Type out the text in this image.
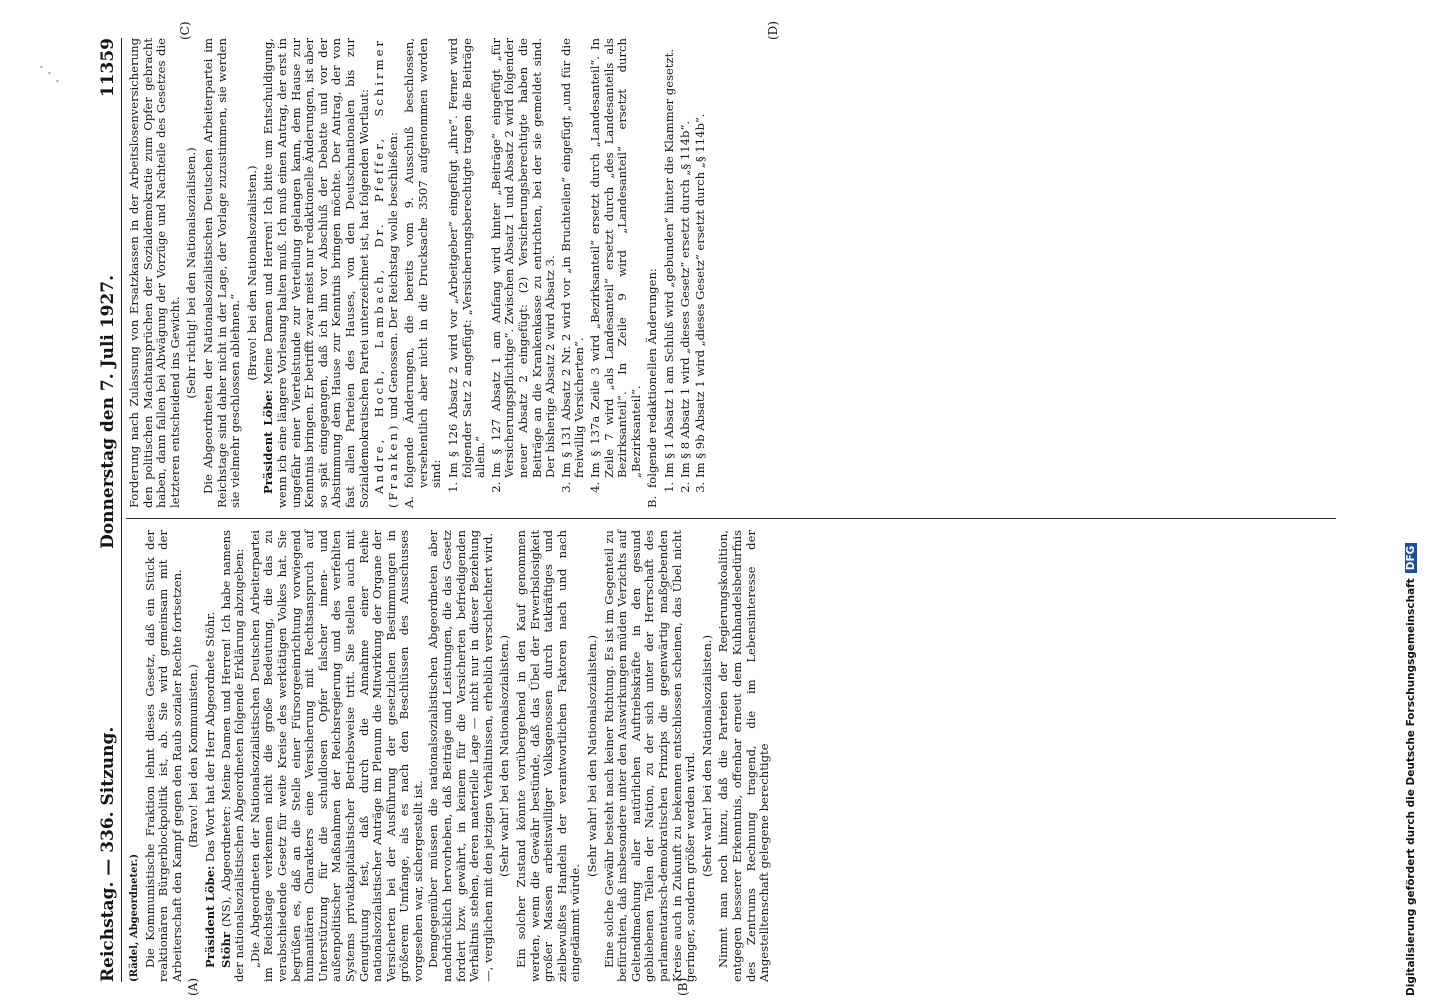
Reichstag. — 336. Sitzung.
Donnerstag den 7. Juli 1927.
11359

(Rädel, Abgeordneter.) Die Kommunistische Fraktion lehnt dieses Gesetz, daß ein Stück der reaktionären Bürgerblockpolitik ist, ab. Sie wird gemeinsam mit der Arbeiterschaft den Kampf gegen den Raub sozialer Rechte fortsetzen. (Bravo! bei den Kommunisten.)

Präsident Löbe: Das Wort hat der Herr Abgeordnete Stöhr.

Stöhr (NS), Abgeordneter: Meine Damen und Herren! Ich habe namens der nationalsozialistischen Abgeordneten folgende Erklärung abzugeben: „Die Abgeordneten der Nationalsozialistischen Deutschen Arbeiterpartei im Reichstage verkennen nicht die große Bedeutung, die das zu verabschiedende Gesetz für weite Kreise des werktätigen Volkes hat. Sie begrüßen es, daß an die Stelle einer Fürsorgeeinrichtung vorwiegend humanitären Charakters eine Versicherung mit Rechtsanspruch auf Unterstützung für die schuldlosen Opfer falscher innen- und außenpolitischer Maßnahmen der Reichsregierung und des verfehlten Systems privatkapitalistischer Betriebsweise tritt. Sie stellen auch mit Genugtuung fest, daß durch die Annahme einer Reihe nationalsozialistischer Anträge im Plenum die Mitwirkung der Organe der Versicherten bei der Ausführung der gesetzlichen Bestimmungen in größerem Umfange, als es nach den Beschlüssen des Ausschusses vorgesehen war, sichergestellt ist. Demgegenüber müssen die nationalsozialistischen Abgeordneten aber nachdrücklich hervorheben, daß Beiträge und Leistungen, die das Gesetz fordert bzw. gewährt, in keinem für die Versicherten befriedigenden Verhältnis stehen, deren materielle Lage — nicht nur in dieser Beziehung —, verglichen mit den jetzigen Verhältnissen, erheblich verschlechtert wird. (Sehr wahr! bei den Nationalsozialisten.) Ein solcher Zustand könnte vorübergehend in den Kauf genommen werden, wenn die Gewähr bestünde, daß das Übel der Erwerbslosigkeit großer Massen arbeitswilliger Volksgenossen durch tatkräftiges und zielbewußtes Handeln der verantwortlichen Faktoren nach und nach eingedämmt würde.

(Sehr wahr! bei den Nationalsozialisten.) Eine solche Gewähr besteht nach keiner Richtung. Es ist im Gegenteil zu befürchten, daß insbesondere unter den Auswirkungen müden Verzichts auf Geltendmachung aller natürlichen Auftriebskräfte in den gesund gebliebenen Teilen der Nation, zu der sich unter der Herrschaft des parlamentarisch-demokratischen Prinzips die gegenwärtig maßgebenden Kreise auch in Zukunft zu bekennen entschlossen scheinen, das Übel nicht geringer, sondern größer werden wird. (Sehr wahr! bei den Nationalsozialisten.) Nimmt man noch hinzu, daß die Parteien der Regierungskoalition, entgegen besserer Erkenntnis, offenbar erneut dem Kuhhandelsbedürfnis des Zentrums Rechnung tragend, die im Lebensinteresse der Angestelltenschaft gelegene berechtigte

Forderung nach Zulassung von Ersatzkassen in der Arbeitslosenversicherung den politischen Machtansprüchen der Sozialdemokratie zum Opfer gebracht haben, dann fallen bei Abwägung der Vorzüge und Nachteile des Gesetzes die letzteren entscheidend ins Gewicht.

(Sehr richtig! bei den Nationalsozialisten.) Die Abgeordneten der Nationalsozialistischen Deutschen Arbeiterpartei im Reichstage sind daher nicht in der Lage, der Vorlage zuzustimmen, sie werden sie vielmehr geschlossen ablehnen.“

(Bravo! bei den Nationalsozialisten.)

Präsident Löbe: Meine Damen und Herren! Ich bitte um Entschuldigung, wenn ich eine längere Vorlesung halten muß. Ich muß einen Antrag, der erst in ungefähr einer Viertelstunde zur Verteilung gelangen kann, dem Hause zur Kenntnis bringen. Er betrifft zwar meist nur redaktionelle Änderungen, ist aber so spät eingegangen, daß ich ihn vor Abschluß der Debatte und vor der Abstimmung dem Hause zur Kenntnis bringen möchte. Der Antrag, der von fast allen Parteien des Hauses, von den Deutschnationalen bis zur Sozialdemokratischen Partei unterzeichnet ist, hat folgenden Wortlaut: Andre, Hoch, Lambach, Dr. Pfeffer, Schirmer (Franken) und Genossen. Der Reichstag wolle beschließen:

A.
folgende Änderungen, die bereits vom 9. Ausschuß beschlossen, versehentlich aber nicht in die Drucksache 3507 aufgenommen worden sind: 1. Im § 126 Absatz 2 wird vor „Arbeitgeber“ eingefügt „ihre“. Ferner wird folgender Satz 2 angefügt: „Versicherungsberechtigte tragen die Beiträge allein.“ 2. Im § 127 Absatz 1 am Anfang wird hinter „Beiträge“ eingefügt „für Versicherungspflichtige“. Zwischen Absatz 1 und Absatz 2 wird folgender neuer Absatz 2 eingefügt: (2) Versicherungsberechtigte haben die Beiträge an die Krankenkasse zu entrichten, bei der sie gemeldet sind. Der bisherige Absatz 2 wird Absatz 3. 3. Im § 131 Absatz 2 Nr. 2 wird vor „in Bruchteilen“ eingefügt „und für die freiwillig Versicherten“. 4. Im § 137a Zeile 3 wird „Bezirksanteil“ ersetzt durch „Landesanteil“. In Zeile 7 wird „als Landesanteil“ ersetzt durch „des Landesanteils als Bezirksanteil“. In Zeile 9 wird „Landesanteil“ ersetzt durch „Bezirksanteil“.
B.
folgende redaktionellen Änderungen: 1. Im § 1 Absatz 1 am Schluß wird „gebunden“ hinter die Klammer gesetzt. 2. Im § 8 Absatz 1 wird „dieses Gesetz“ ersetzt durch „§ 114b“. 3. Im § 9b Absatz 1 wird „dieses Gesetz“ ersetzt durch „§ 114b“.
(A)	(B)
(C)	(D)
Digitalisierung gefördert durch die Deutsche Forschungsgemeinschaft
DFG
